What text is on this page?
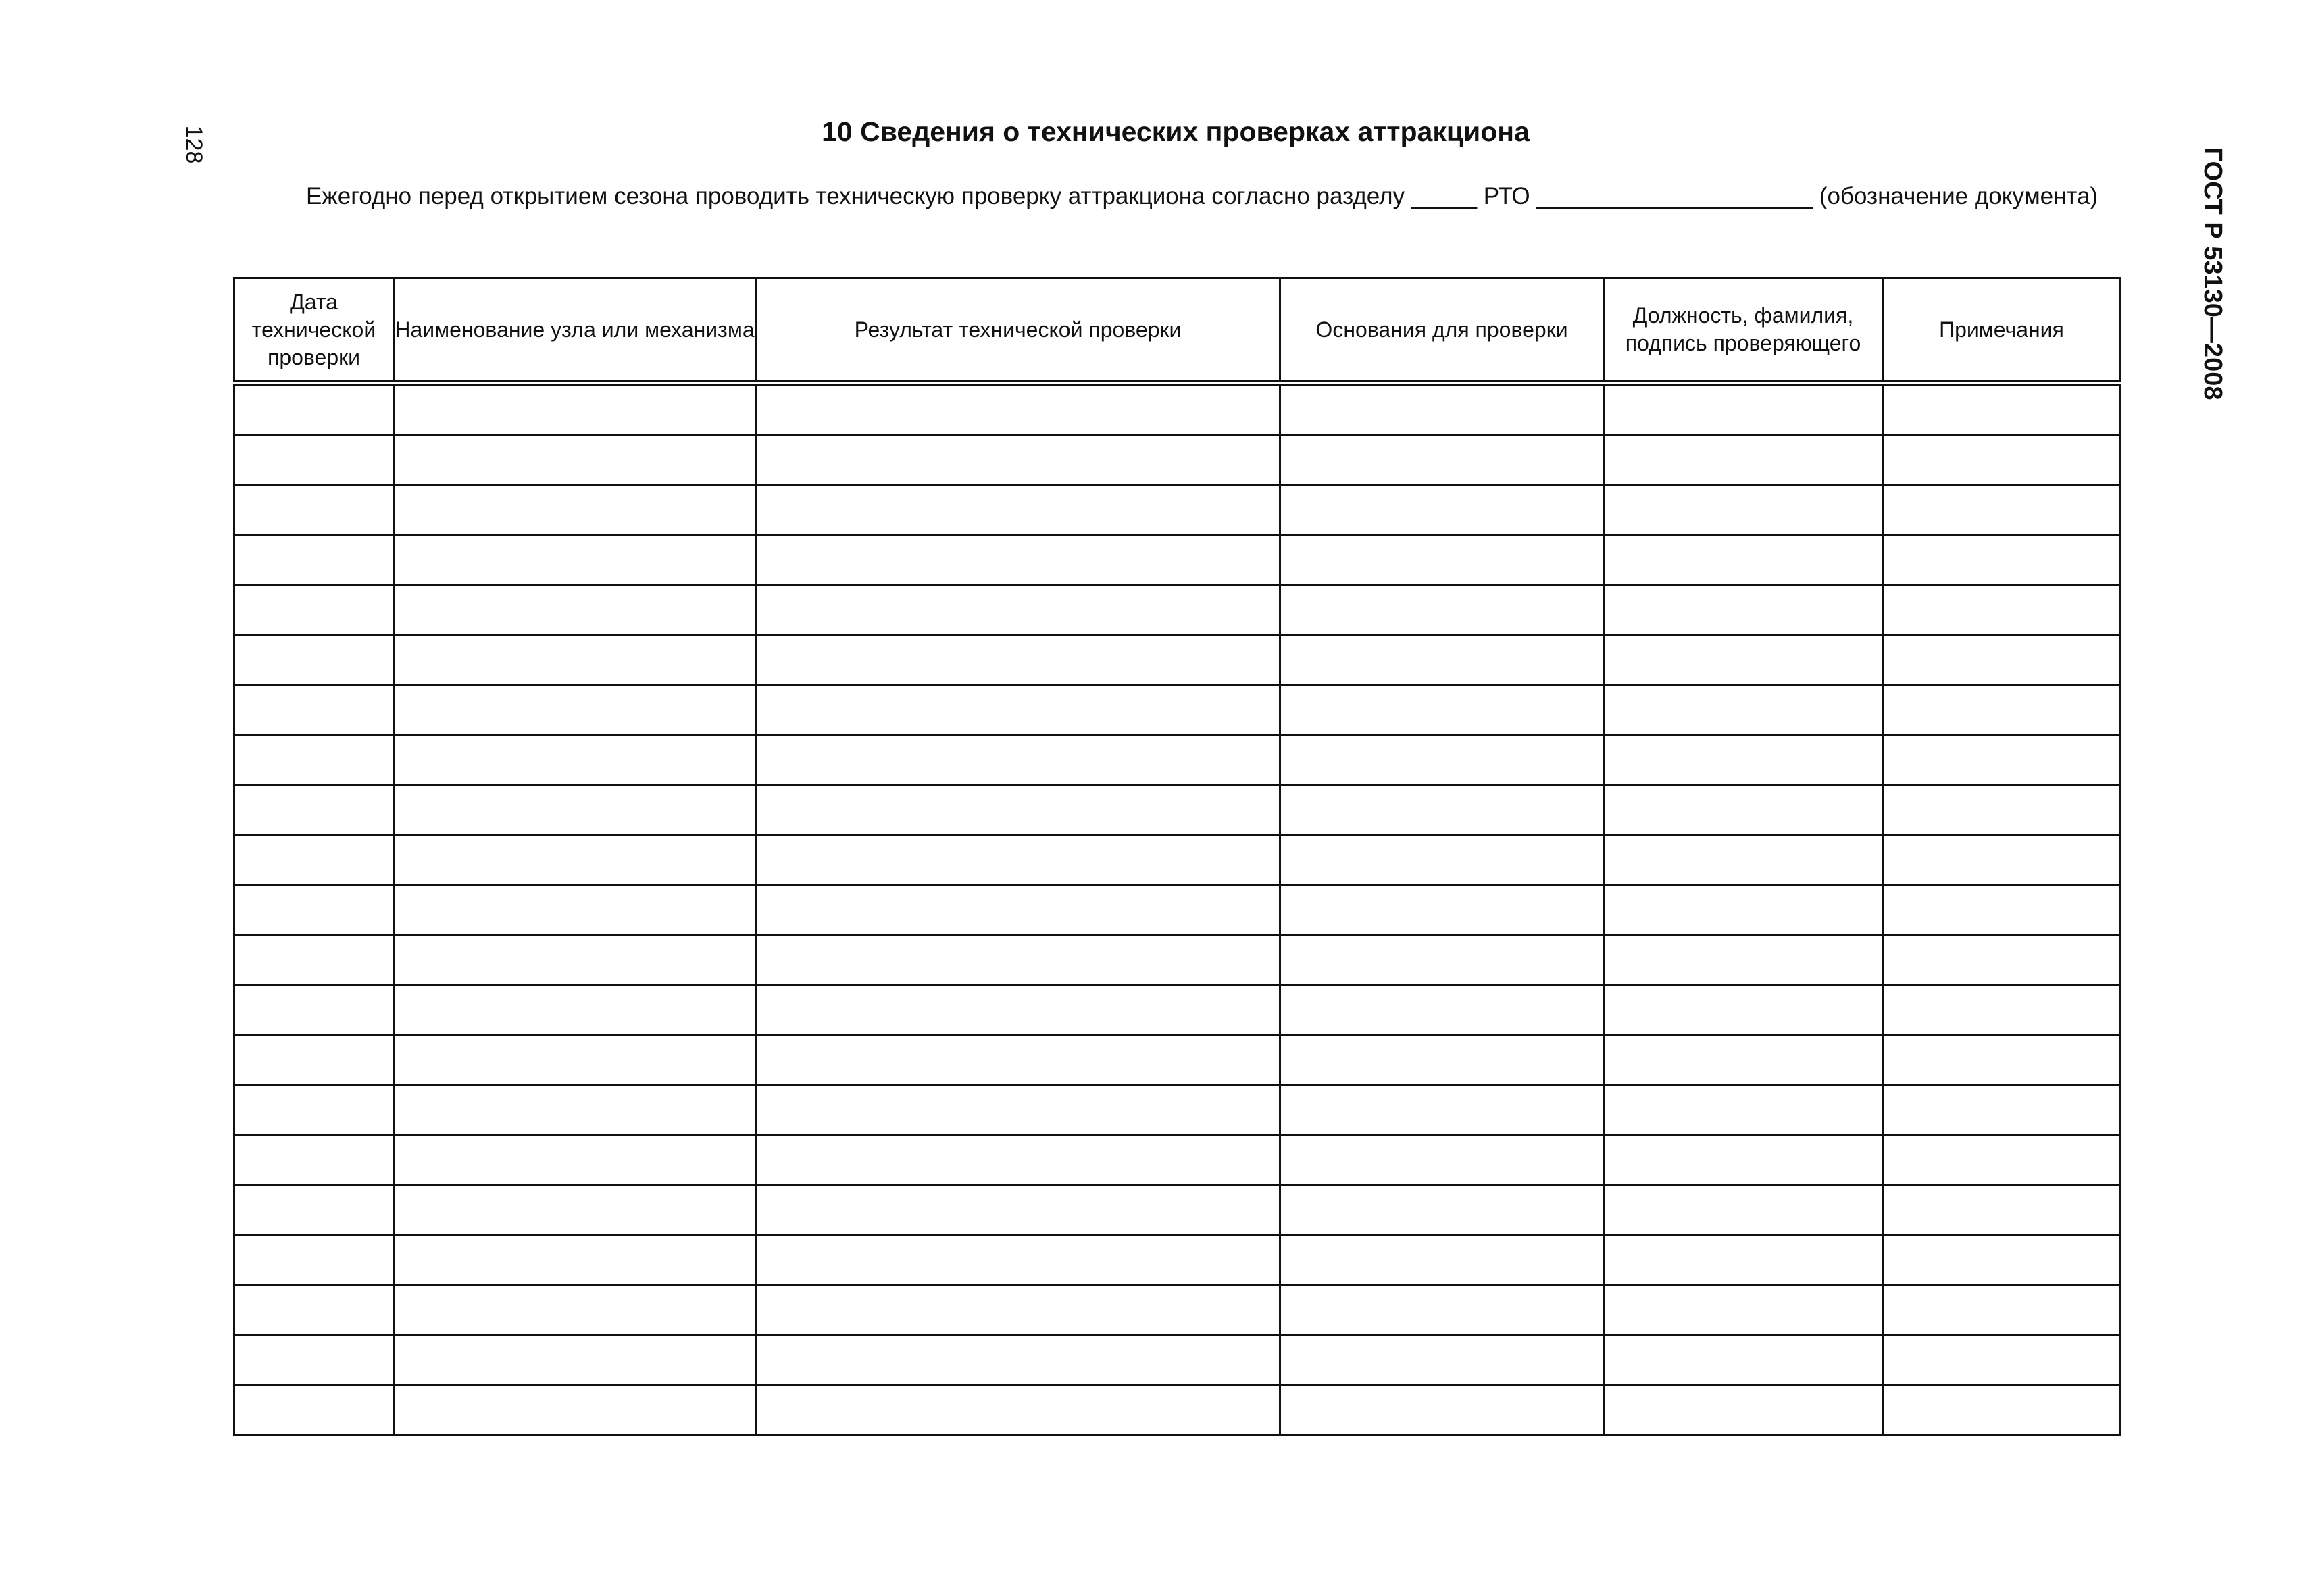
128
ГОСТ Р 53130—2008
10 Сведения о технических проверках аттракциона
Ежегодно перед открытием сезона проводить техническую проверку аттракциона согласно разделу _____ РТО _____________________ (обозначение документа)
Дата технической проверки	Наименование узла или механизма	Результат технической проверки	Основания для проверки	Должность, фамилия, подпись проверяющего	Примечания
